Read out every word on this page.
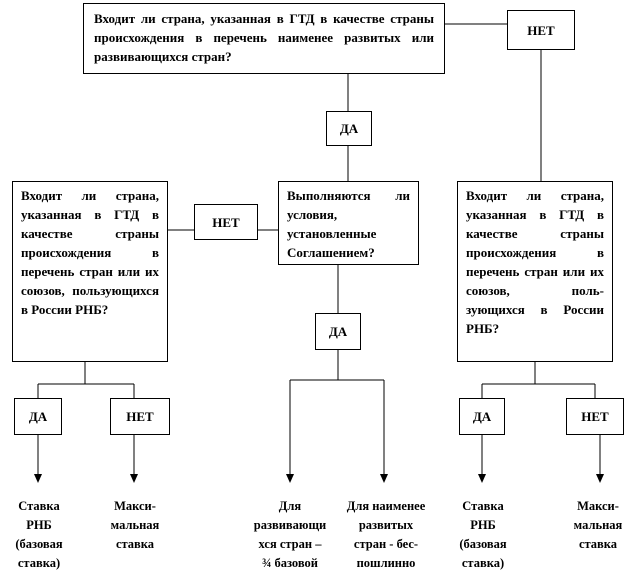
Входит ли страна, указанная в ГТД в качестве страны происхождения в перечень наименее развитых или развивающихся стран?
Входит ли страна, указанная в ГТД в качестве страны происхождения в перечень стран или их союзов, пользующихся в России РНБ?
Выполняются ли условия, установленные Соглашением?
Входит ли страна, указанная в ГТД в качестве страны происхождения в перечень стран или их союзов, поль-зующихся в России РНБ?
НЕТ
ДА
НЕТ
ДА
ДА	НЕТ	ДА	НЕТ
Ставка
РНБ
(базовая
ставка)
Макси-
мальная
ставка
Для
развивающи
хся стран –
¾ базовой
Для наименее
развитых
стран - бес-
пошлинно
Ставка
РНБ
(базовая
ставка)
Макси-
мальная
ставка
